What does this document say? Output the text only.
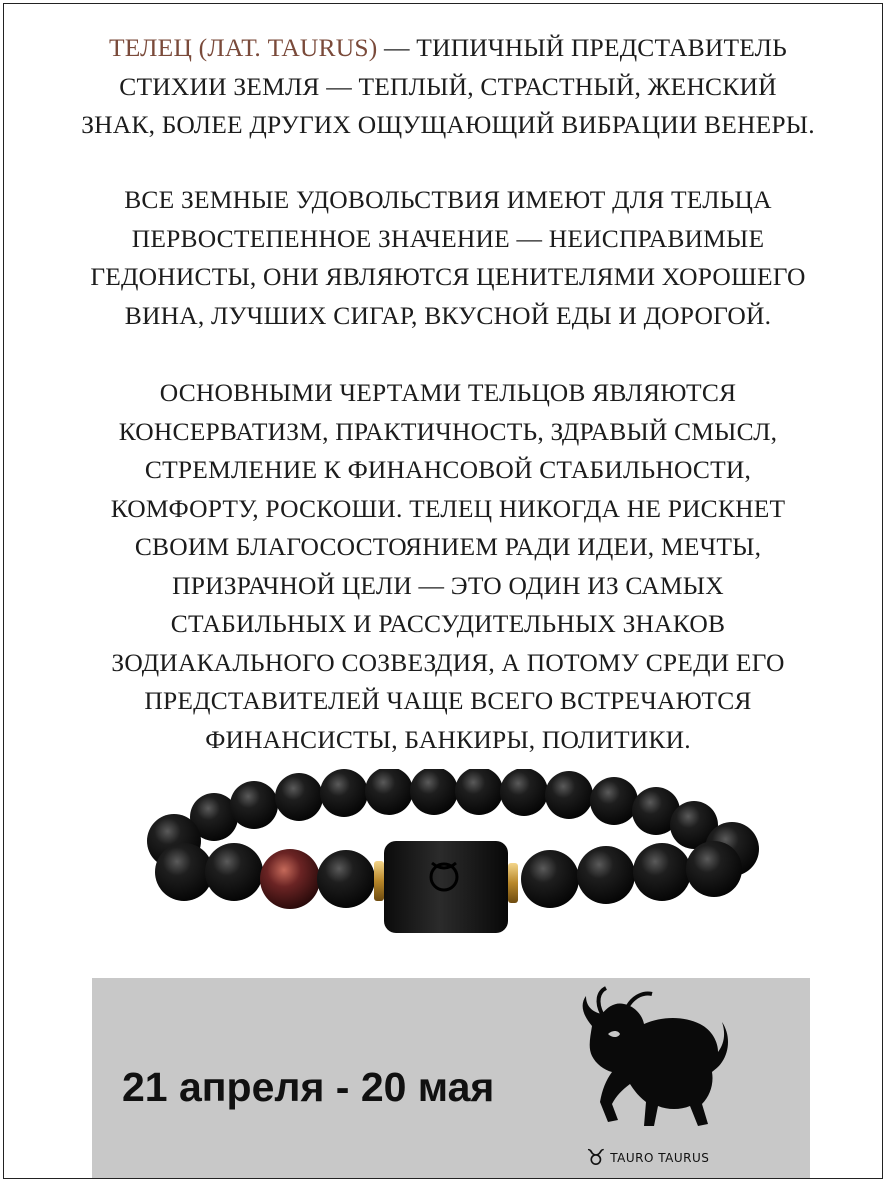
ТЕЛЕЦ (ЛАТ. TAURUS) — ТИПИЧНЫЙ ПРЕДСТАВИТЕЛЬ
СТИХИИ ЗЕМЛЯ — ТЕПЛЫЙ, СТРАСТНЫЙ, ЖЕНСКИЙ
ЗНАК, БОЛЕЕ ДРУГИХ ОЩУЩАЮЩИЙ ВИБРАЦИИ ВЕНЕРЫ.
ВСЕ ЗЕМНЫЕ УДОВОЛЬСТВИЯ ИМЕЮТ ДЛЯ ТЕЛЬЦА
ПЕРВОСТЕПЕННОЕ ЗНАЧЕНИЕ — НЕИСПРАВИМЫЕ
ГЕДОНИСТЫ, ОНИ ЯВЛЯЮТСЯ ЦЕНИТЕЛЯМИ ХОРОШЕГО
ВИНА, ЛУЧШИХ СИГАР, ВКУСНОЙ ЕДЫ И ДОРОГОЙ.
ОСНОВНЫМИ ЧЕРТАМИ ТЕЛЬЦОВ ЯВЛЯЮТСЯ
КОНСЕРВАТИЗМ, ПРАКТИЧНОСТЬ, ЗДРАВЫЙ СМЫСЛ,
СТРЕМЛЕНИЕ К ФИНАНСОВОЙ СТАБИЛЬНОСТИ,
КОМФОРТУ, РОСКОШИ. ТЕЛЕЦ НИКОГДА НЕ РИСКНЕТ
СВОИМ БЛАГОСОСТОЯНИЕМ РАДИ ИДЕИ, МЕЧТЫ,
ПРИЗРАЧНОЙ ЦЕЛИ — ЭТО ОДИН ИЗ САМЫХ
СТАБИЛЬНЫХ И РАССУДИТЕЛЬНЫХ ЗНАКОВ
ЗОДИАКАЛЬНОГО СОЗВЕЗДИЯ, А ПОТОМУ СРЕДИ ЕГО
ПРЕДСТАВИТЕЛЕЙ ЧАЩЕ ВСЕГО ВСТРЕЧАЮТСЯ
ФИНАНСИСТЫ, БАНКИРЫ, ПОЛИТИКИ.
21 апреля - 20 мая
♉ TAURO TAURUS
